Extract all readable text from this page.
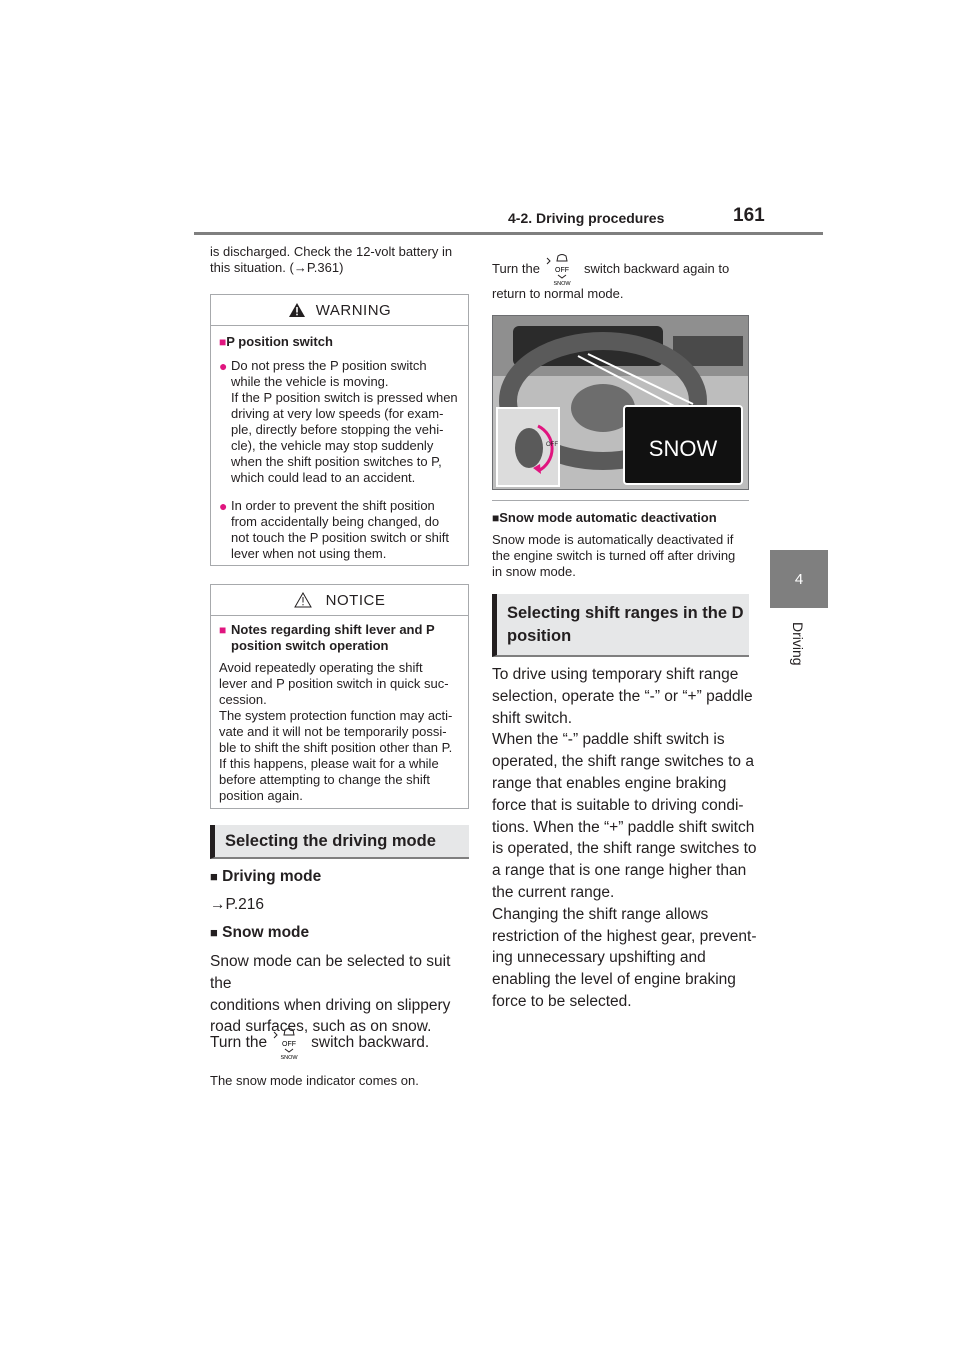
4-2. Driving procedures	161
4
Driving
is discharged. Check the 12-volt battery in
this situation. (→P.361)
WARNING
■P position switch
● Do not press the P position switch
while the vehicle is moving.
If the P position switch is pressed when
driving at very low speeds (for exam-
ple, directly before stopping the vehi-
cle), the vehicle may stop suddenly
when the shift position switches to P,
which could lead to an accident.
● In order to prevent the shift position
from accidentally being changed, do
not touch the P position switch or shift
lever when not using them.
NOTICE
■ Notes regarding shift lever and P
position switch operation
Avoid repeatedly operating the shift
lever and P position switch in quick suc-
cession.
The system protection function may acti-
vate and it will not be temporarily possi-
ble to shift the shift position other than P.
If this happens, please wait for a while
before attempting to change the shift
position again.
Selecting the driving mode
■ Driving mode
→P.216
■ Snow mode
Snow mode can be selected to suit the
conditions when driving on slippery
road surfaces, such as on snow.
Turn the OFF
SNOW
switch backward.
The snow mode indicator comes on.
Turn the OFF
SNOW
switch backward again to
return to normal mode.
OFF	SNOW
■Snow mode automatic deactivation
Snow mode is automatically deactivated if
the engine switch is turned off after driving
in snow mode.
Selecting shift ranges in the D
position
To drive using temporary shift range
selection, operate the “-” or “+” paddle
shift switch.
When the “-” paddle shift switch is
operated, the shift range switches to a
range that enables engine braking
force that is suitable to driving condi-
tions. When the “+” paddle shift switch
is operated, the shift range switches to
a range that is one range higher than
the current range.
Changing the shift range allows
restriction of the highest gear, prevent-
ing unnecessary upshifting and
enabling the level of engine braking
force to be selected.
